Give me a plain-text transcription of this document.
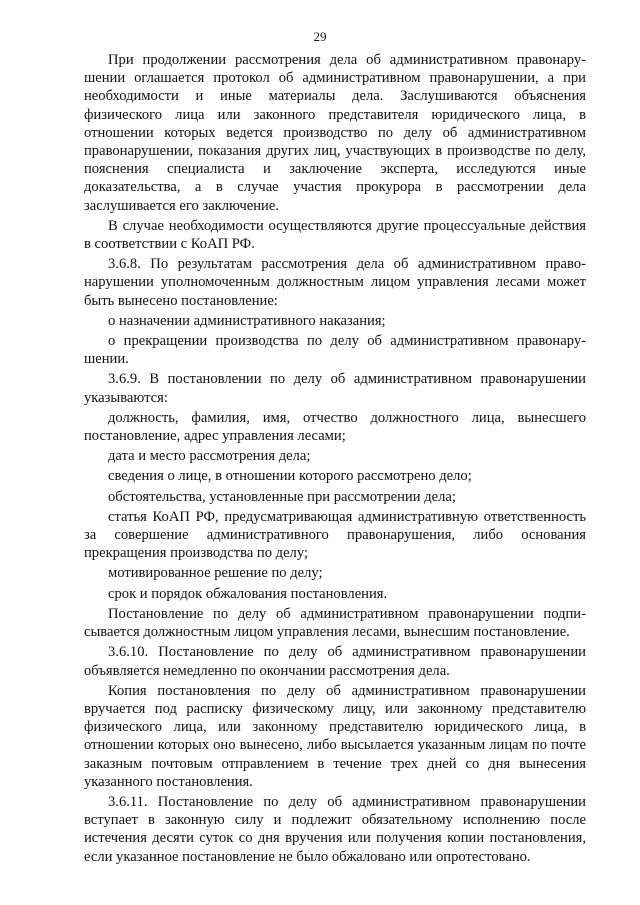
29

При продолжении рассмотрения дела об административном правонарушении оглашается протокол об административном правонарушении, а при необходимости и иные материалы дела. Заслушиваются объяснения физического лица или законного представителя юридического лица, в отношении которых ведется производство по делу об административном правонарушении, показания других лиц, участвующих в производстве по делу, пояснения специалиста и заключение эксперта, исследуются иные доказательства, а в случае участия прокурора в рассмотрении дела заслушивается его заключение.

В случае необходимости осуществляются другие процессуальные действия в соответствии с КоАП РФ.

3.6.8. По результатам рассмотрения дела об административном правонарушении уполномоченным должностным лицом управления лесами может быть вынесено постановление:

о назначении административного наказания;

о прекращении производства по делу об административном правонарушении.

3.6.9. В постановлении по делу об административном правонарушении указываются:

должность, фамилия, имя, отчество должностного лица, вынесшего постановление, адрес управления лесами;

дата и место рассмотрения дела;

сведения о лице, в отношении которого рассмотрено дело;

обстоятельства, установленные при рассмотрении дела;

статья КоАП РФ, предусматривающая административную ответственность за совершение административного правонарушения, либо основания прекращения производства по делу;

мотивированное решение по делу;

срок и порядок обжалования постановления.

Постановление по делу об административном правонарушении подписывается должностным лицом управления лесами, вынесшим постановление.

3.6.10. Постановление по делу об административном правонарушении объявляется немедленно по окончании рассмотрения дела.

Копия постановления по делу об административном правонарушении вручается под расписку физическому лицу, или законному представителю физического лица, или законному представителю юридического лица, в отношении которых оно вынесено, либо высылается указанным лицам по почте заказным почтовым отправлением в течение трех дней со дня вынесения указанного постановления.

3.6.11. Постановление по делу об административном правонарушении вступает в законную силу и подлежит обязательному исполнению после истечения десяти суток со дня вручения или получения копии постановления, если указанное постановление не было обжаловано или опротестовано.
